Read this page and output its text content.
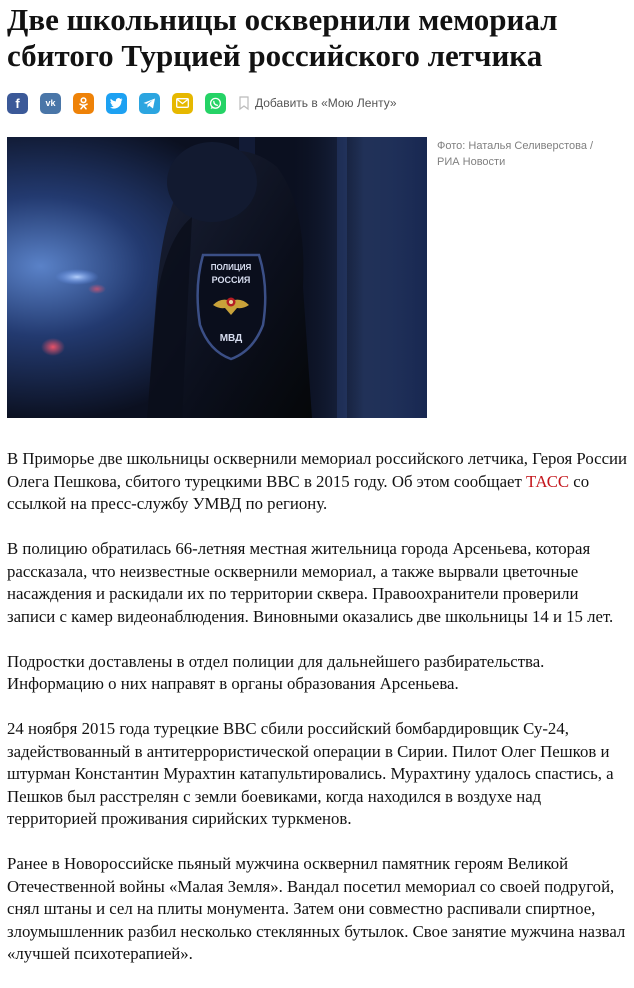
Две школьницы осквернили мемориал
сбитого Турцией российского летчика
f	vk	Добавить в «Мою Ленту»
ПОЛИЦИЯ
РОССИЯ
МВД
Фото: Наталья Селиверстова /
РИА Новости

В Приморье две школьницы осквернили мемориал российского летчика, Героя России Олега Пешкова, сбитого турецкими ВВС в 2015 году. Об этом сообщает ТАСС со ссылкой на пресс-службу УМВД по региону.

В полицию обратилась 66-летняя местная жительница города Арсеньева, которая рассказала, что неизвестные осквернили мемориал, а также вырвали цветочные насаждения и раскидали их по территории сквера. Правоохранители проверили записи с камер видеонаблюдения. Виновными оказались две школьницы 14 и 15 лет.

Подростки доставлены в отдел полиции для дальнейшего разбирательства. Информацию о них направят в органы образования Арсеньева.

24 ноября 2015 года турецкие ВВС сбили российский бомбардировщик Су-24, задействованный в антитеррористической операции в Сирии. Пилот Олег Пешков и штурман Константин Мурахтин катапультировались. Мурахтину удалось спастись, а Пешков был расстрелян с земли боевиками, когда находился в воздухе над территорией проживания сирийских туркменов.

Ранее в Новороссийске пьяный мужчина осквернил памятник героям Великой Отечественной войны «Малая Земля». Вандал посетил мемориал со своей подругой, снял штаны и сел на плиты монумента. Затем они совместно распивали спиртное, злоумышленник разбил несколько стеклянных бутылок. Свое занятие мужчина назвал «лучшей психотерапией».
